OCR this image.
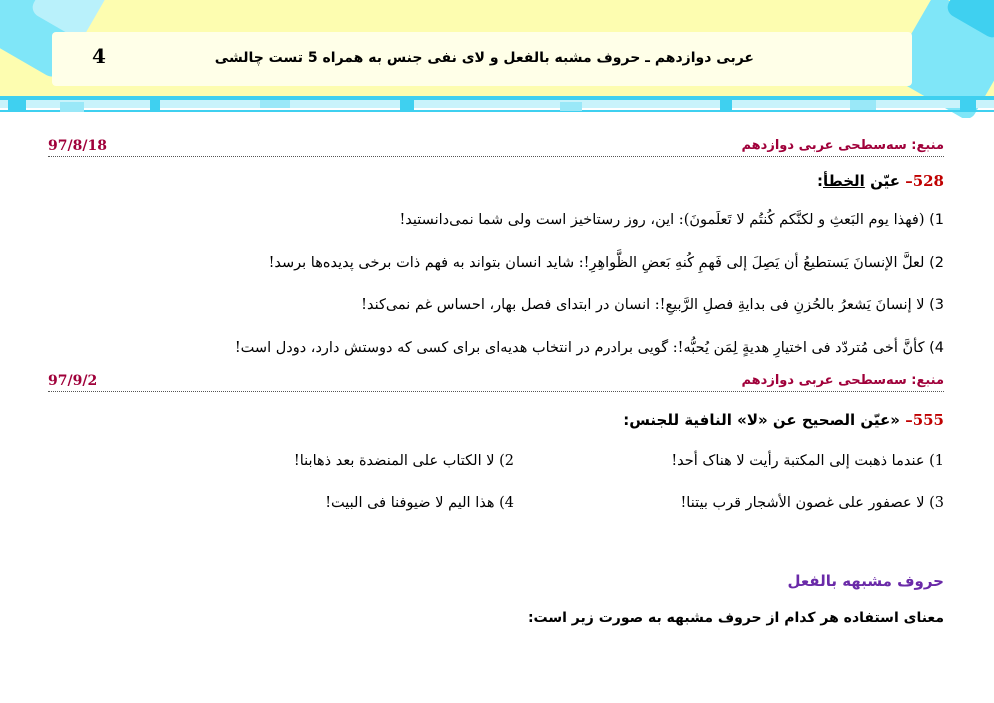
4	عربی دوازدهم ـ حروف مشبه بالفعل و لای نفی جنس به همراه 5 تست چالشی
منبع: سه‌سطحی عربی دوازدهم
97/8/18
528– عیّن الخطأ:
1) (فهذا یوم البَعثِ و لکنَّکم کُنتُم لا تَعلَمونَ): این، روز رستاخیز است ولی شما نمی‌دانستید!
2) لعلَّ الإنسانَ یَستطیعُ أن یَصِلَ إلی فَهمِ کُنهِ بَعضِ الظَّواهِرِ!: شاید انسان بتواند به فهم ذات برخی پدیده‌ها برسد!
3) لا إنسانَ یَشعرُ بالحُزنِ فی بدایةِ فصلِ الرَّبیعِ!: انسان در ابتدای فصل بهار، احساس غم نمی‌کند!
4) کأنَّ أخی مُتردّد فی اختیارِ هدیةٍ لِمَن یُحبُّه!: گویی برادرم در انتخاب هدیه‌ای برای کسی که دوستش دارد، دودل است!
منبع: سه‌سطحی عربی دوازدهم
97/9/2
555– «عیّن الصحیح عن «لا» النافیة للجنس:
1) عندما ذهبت إلی المکتبة رأیت لا هناک أحد!
2) لا الکتاب علی المنضدة بعد ذهابنا!
3) لا عصفور علی غصون الأشجار قرب بیتنا!
4) هذا الیم لا ضیوفنا فی البیت!
حروف مشبهه بالفعل
معنای استفاده هر کدام از حروف مشبهه به صورت زیر است:
